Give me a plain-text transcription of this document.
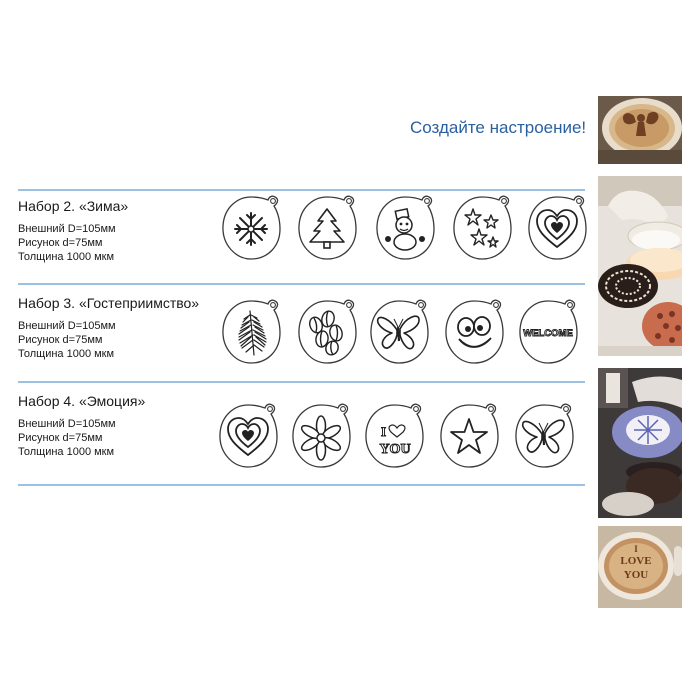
Создайте настроение!
Набор 2. «Зима»
Внешний D=105мм
Рисунок d=75мм
Толщина 1000 мкм
Набор 3. «Гостеприимство»
Внешний D=105мм
Рисунок d=75мм
Толщина 1000 мкм
Набор 4. «Эмоция»
Внешний D=105мм
Рисунок d=75мм
Толщина 1000 мкм
WELCOME
I
YOU
I
LOVE
YOU
